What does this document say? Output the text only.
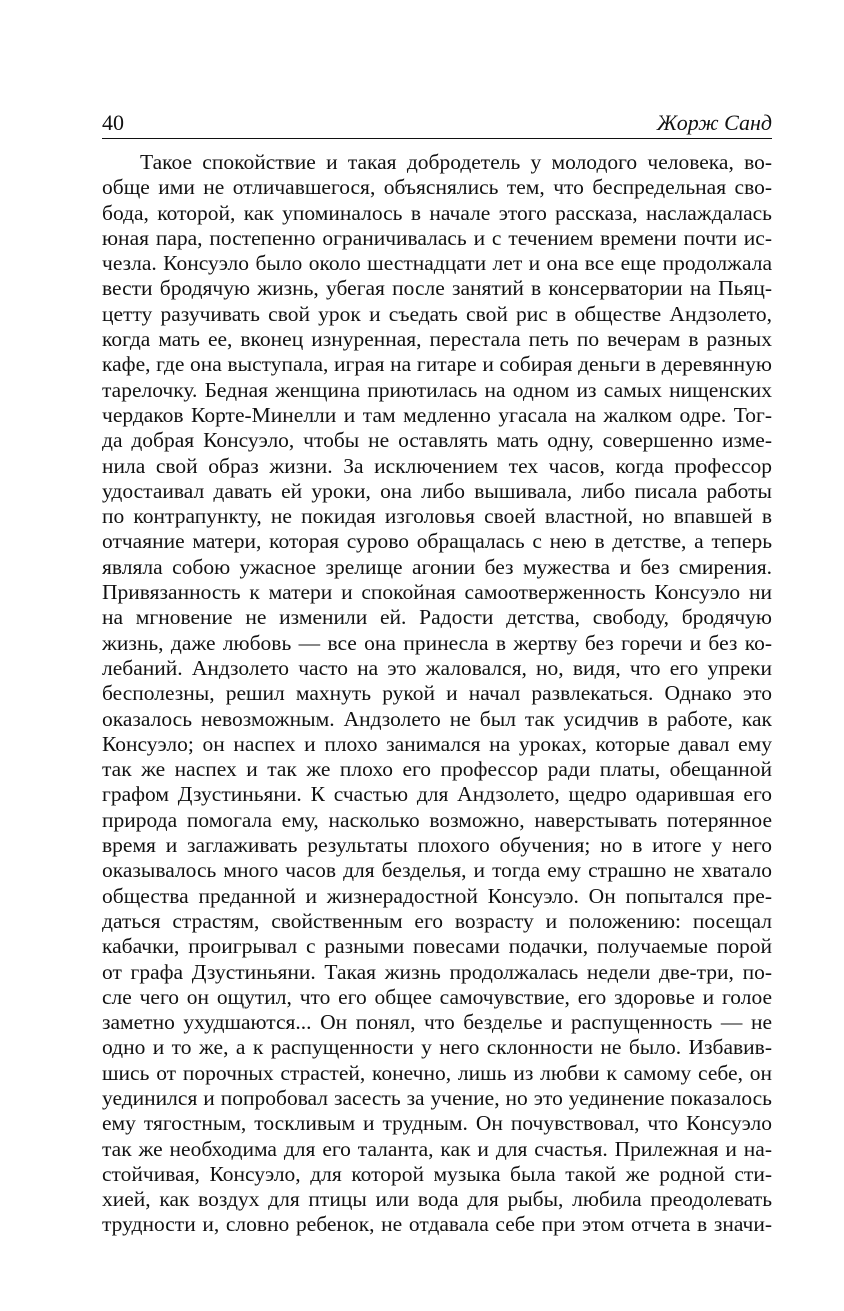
40	Жорж Санд
Такое спокойствие и такая добродетель у молодого человека, во-
обще ими не отличавшегося, объяснялись тем, что беспредельная сво-
бода, которой, как упоминалось в начале этого рассказа, наслаждалась
юная пара, постепенно ограничивалась и с течением времени почти ис-
чезла. Консуэло было около шестнадцати лет и она все еще продолжала
вести бродячую жизнь, убегая после занятий в консерватории на Пьяц-
цетту разучивать свой урок и съедать свой рис в обществе Андзолето,
когда мать ее, вконец изнуренная, перестала петь по вечерам в разных
кафе, где она выступала, играя на гитаре и собирая деньги в деревянную
тарелочку. Бедная женщина приютилась на одном из самых нищенских
чердаков Корте-Минелли и там медленно угасала на жалком одре. Тог-
да добрая Консуэло, чтобы не оставлять мать одну, совершенно изме-
нила свой образ жизни. За исключением тех часов, когда профессор
удостаивал давать ей уроки, она либо вышивала, либо писала работы
по контрапункту, не покидая изголовья своей властной, но впавшей в
отчаяние матери, которая сурово обращалась с нею в детстве, а теперь
являла собою ужасное зрелище агонии без мужества и без смирения.
Привязанность к матери и спокойная самоотверженность Консуэло ни
на мгновение не изменили ей. Радости детства, свободу, бродячую
жизнь, даже любовь — все она принесла в жертву без горечи и без ко-
лебаний. Андзолето часто на это жаловался, но, видя, что его упреки
бесполезны, решил махнуть рукой и начал развлекаться. Однако это
оказалось невозможным. Андзолето не был так усидчив в работе, как
Консуэло; он наспех и плохо занимался на уроках, которые давал ему
так же наспех и так же плохо его профессор ради платы, обещанной
графом Дзустиньяни. К счастью для Андзолето, щедро одарившая его
природа помогала ему, насколько возможно, наверстывать потерянное
время и заглаживать результаты плохого обучения; но в итоге у него
оказывалось много часов для безделья, и тогда ему страшно не хватало
общества преданной и жизнерадостной Консуэло. Он попытался пре-
даться страстям, свойственным его возрасту и положению: посещал
кабачки, проигрывал с разными повесами подачки, получаемые порой
от графа Дзустиньяни. Такая жизнь продолжалась недели две-три, по-
сле чего он ощутил, что его общее самочувствие, его здоровье и голое
заметно ухудшаются... Он понял, что безделье и распущенность — не
одно и то же, а к распущенности у него склонности не было. Избавив-
шись от порочных страстей, конечно, лишь из любви к самому себе, он
уединился и попробовал засесть за учение, но это уединение показалось
ему тягостным, тоскливым и трудным. Он почувствовал, что Консуэло
так же необходима для его таланта, как и для счастья. Прилежная и на-
стойчивая, Консуэло, для которой музыка была такой же родной сти-
хией, как воздух для птицы или вода для рыбы, любила преодолевать
трудности и, словно ребенок, не отдавала себе при этом отчета в значи-
